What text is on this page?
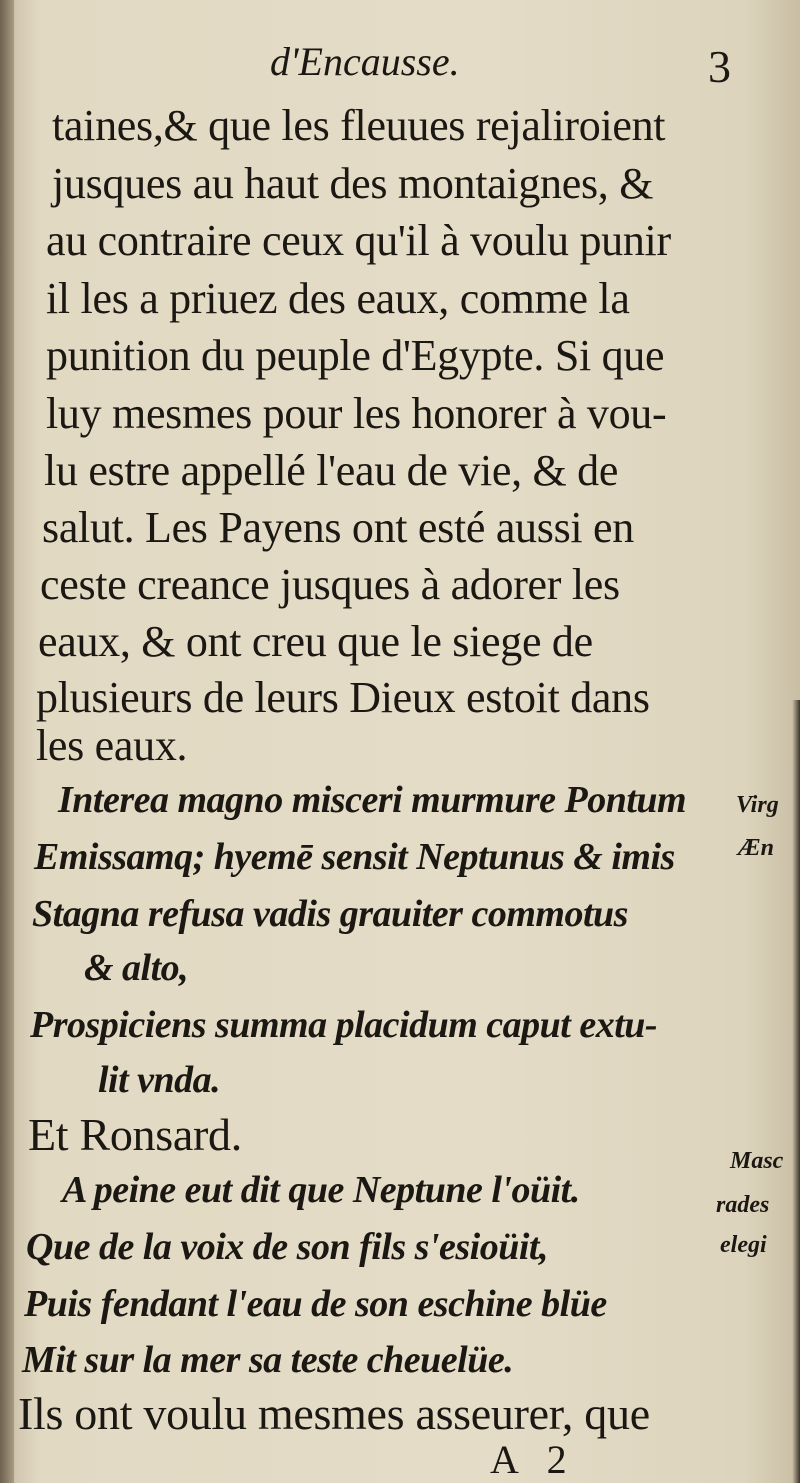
d'Encausse.	3
taines,& que les fleuues rejaliroient
jusques au haut des montaignes, &
au contraire ceux qu'il à voulu punir
il les a priuez des eaux, comme la
punition du peuple d'Egypte. Si que
luy mesmes pour les honorer à vou-
lu estre appellé l'eau de vie, & de
salut. Les Payens ont esté aussi en
ceste creance jusques à adorer les
eaux, & ont creu que le siege de
plusieurs de leurs Dieux estoit dans
les eaux.
Interea magno misceri murmure Pontum
Emissamq; hyemē sensit Neptunus & imis
Stagna refusa vadis grauiter commotus
& alto,
Prospiciens summa placidum caput extu-
lit vnda.
Et Ronsard.
A peine eut dit que Neptune l'oüit.
Que de la voix de son fils s'esioüit,
Puis fendant l'eau de son eschine blüe
Mit sur la mer sa teste cheuelüe.
Ils ont voulu mesmes asseurer, que
Virg
Æn
Masc
rades
elegi
A 2
